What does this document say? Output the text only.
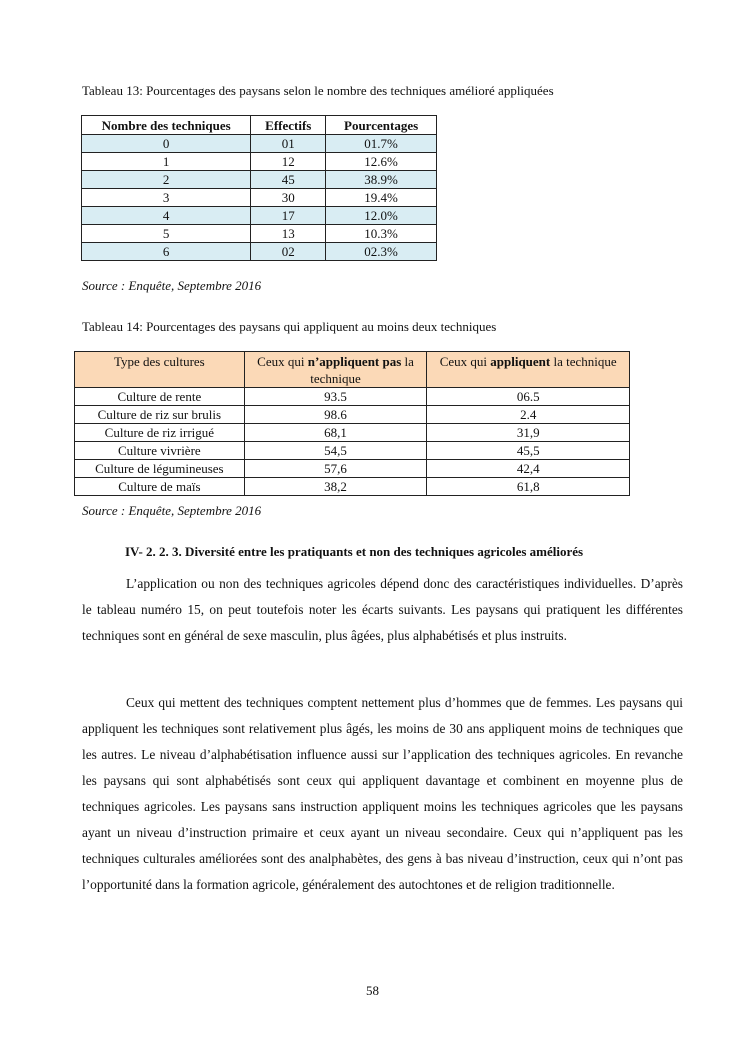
Tableau 13: Pourcentages des paysans selon le nombre des techniques amélioré appliquées
Nombre des techniques	Effectifs	Pourcentages
0	01	01.7%
1	12	12.6%
2	45	38.9%
3	30	19.4%
4	17	12.0%
5	13	10.3%
6	02	02.3%
Source : Enquête, Septembre 2016
Tableau 14: Pourcentages des paysans qui appliquent au moins deux techniques
Type des cultures	Ceux qui n’appliquent pas la technique	Ceux qui appliquent la technique
Culture de rente	93.5	06.5
Culture de riz sur brulis	98.6	2.4
Culture de riz irrigué	68,1	31,9
Culture vivrière	54,5	45,5
Culture de légumineuses	57,6	42,4
Culture de maïs	38,2	61,8
Source : Enquête, Septembre 2016
IV- 2. 2. 3. Diversité entre les pratiquants et non des techniques agricoles améliorés

L’application ou non des techniques agricoles dépend donc des caractéristiques individuelles. D’après le tableau numéro 15, on peut toutefois noter les écarts suivants. Les paysans qui pratiquent les différentes techniques sont en général de sexe masculin, plus âgées, plus alphabétisés et plus instruits.

Ceux qui mettent des techniques comptent nettement plus d’hommes que de femmes. Les paysans qui appliquent les techniques sont relativement plus âgés, les moins de 30 ans appliquent moins de techniques que les autres. Le niveau d’alphabétisation influence aussi sur l’application des techniques agricoles. En revanche les paysans qui sont alphabétisés sont ceux qui appliquent davantage et combinent en moyenne plus de techniques agricoles. Les paysans sans instruction appliquent moins les techniques agricoles que les paysans ayant un niveau d’instruction primaire et ceux ayant un niveau secondaire. Ceux qui n’appliquent pas les techniques culturales améliorées sont des analphabètes, des gens à bas niveau d’instruction, ceux qui n’ont pas l’opportunité dans la formation agricole, généralement des autochtones et de religion traditionnelle.

58
